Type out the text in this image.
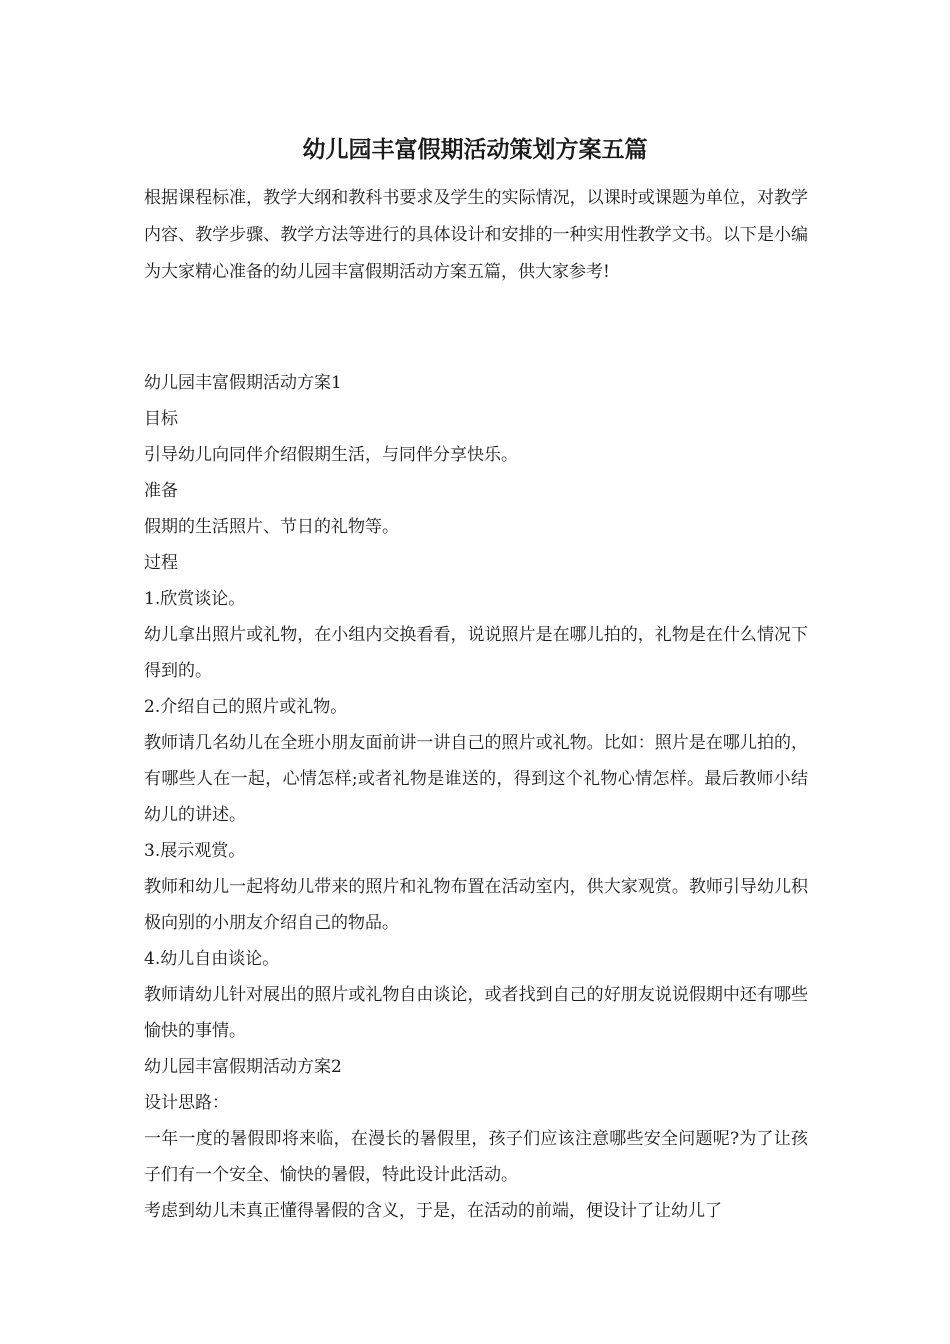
幼儿园丰富假期活动策划方案五篇
根据课程标准，教学大纲和教科书要求及学生的实际情况，以课时或课题为单位，对教学内容、教学步骤、教学方法等进行的具体设计和安排的一种实用性教学文书。以下是小编为大家精心准备的幼儿园丰富假期活动方案五篇，供大家参考!

幼儿园丰富假期活动方案1

目标

引导幼儿向同伴介绍假期生活，与同伴分享快乐。

准备

假期的生活照片、节日的礼物等。

过程

1.欣赏谈论。

幼儿拿出照片或礼物，在小组内交换看看，说说照片是在哪儿拍的，礼物是在什么情况下得到的。

2.介绍自己的照片或礼物。

教师请几名幼儿在全班小朋友面前讲一讲自己的照片或礼物。比如：照片是在哪儿拍的，有哪些人在一起，心情怎样;或者礼物是谁送的，得到这个礼物心情怎样。最后教师小结幼儿的讲述。

3.展示观赏。

教师和幼儿一起将幼儿带来的照片和礼物布置在活动室内，供大家观赏。教师引导幼儿积极向别的小朋友介绍自己的物品。

4.幼儿自由谈论。

教师请幼儿针对展出的照片或礼物自由谈论，或者找到自己的好朋友说说假期中还有哪些愉快的事情。

幼儿园丰富假期活动方案2

设计思路：

一年一度的暑假即将来临，在漫长的暑假里，孩子们应该注意哪些安全问题呢?为了让孩子们有一个安全、愉快的暑假，特此设计此活动。

考虑到幼儿未真正懂得暑假的含义，于是，在活动的前端，便设计了让幼儿了
